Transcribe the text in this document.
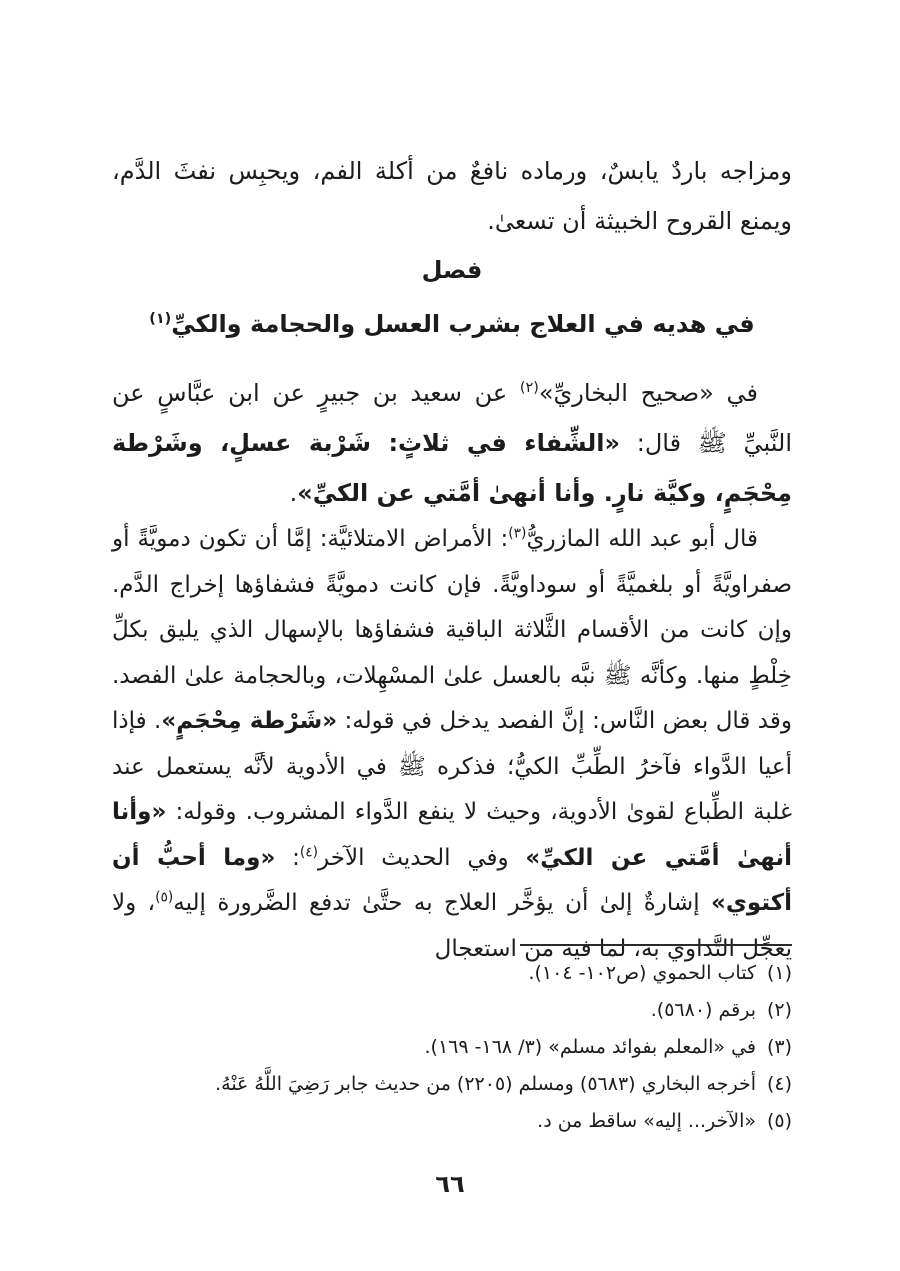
ومزاجه باردٌ يابسٌ، ورماده نافعٌ من أكلة الفم، ويحبِس نفثَ الدَّم، ويمنع القروح الخبيثة أن تسعىٰ.

فصل
في هديه في العلاج بشرب العسل والحجامة والكيِّ$^{(١)}$

في «صحيح البخاريِّ»$^{(٢)}$ عن سعيد بن جبيرٍ عن ابن عبَّاسٍ عن النَّبيِّ ﷺ قال: «الشِّفاء في ثلاثٍ: شَرْبة عسلٍ، وشَرْطة مِحْجَمٍ، وكيَّة نارٍ. وأنا أنهىٰ أمَّتي عن الكيِّ».

قال أبو عبد الله المازريُّ$^{(٣)}$: الأمراض الامتلائيَّة: إمَّا أن تكون دمويَّةً أو صفراويَّةً أو بلغميَّةً أو سوداويَّةً. فإن كانت دمويَّةً فشفاؤها إخراج الدَّم. وإن كانت من الأقسام الثَّلاثة الباقية فشفاؤها بالإسهال الذي يليق بكلِّ خِلْطٍ منها. وكأنَّه ﷺ نبَّه بالعسل علىٰ المسْهِلات، وبالحجامة علىٰ الفصد. وقد قال بعض النَّاس: إنَّ الفصد يدخل في قوله: «شَرْطة مِحْجَمٍ». فإذا أعيا الدَّواء فآخرُ الطِّبِّ الكيُّ؛ فذكره ﷺ في الأدوية لأنَّه يستعمل عند غلبة الطِّباع لقوىٰ الأدوية، وحيث لا ينفع الدَّواء المشروب. وقوله: «وأنا أنهىٰ أمَّتي عن الكيِّ» وفي الحديث الآخر$^{(٤)}$: «وما أحبُّ أن أكتوي» إشارةٌ إلىٰ أن يؤخَّر العلاج به حتَّىٰ تدفع الضَّرورة إليه$^{(٥)}$، ولا يعجِّل التَّداوي به، لما فيه من استعجال

(١)
كتاب الحموي (ص١٠٢- ١٠٤).
(٢)
برقم (٥٦٨٠).
(٣)
في «المعلم بفوائد مسلم» (٣/ ١٦٨- ١٦٩).
(٤)
أخرجه البخاري (٥٦٨٣) ومسلم (٢٢٠٥) من حديث جابر رَضِيَ اللَّهُ عَنْهُ.
(٥)
«الآخر... إليه» ساقط من د.
٦٦
